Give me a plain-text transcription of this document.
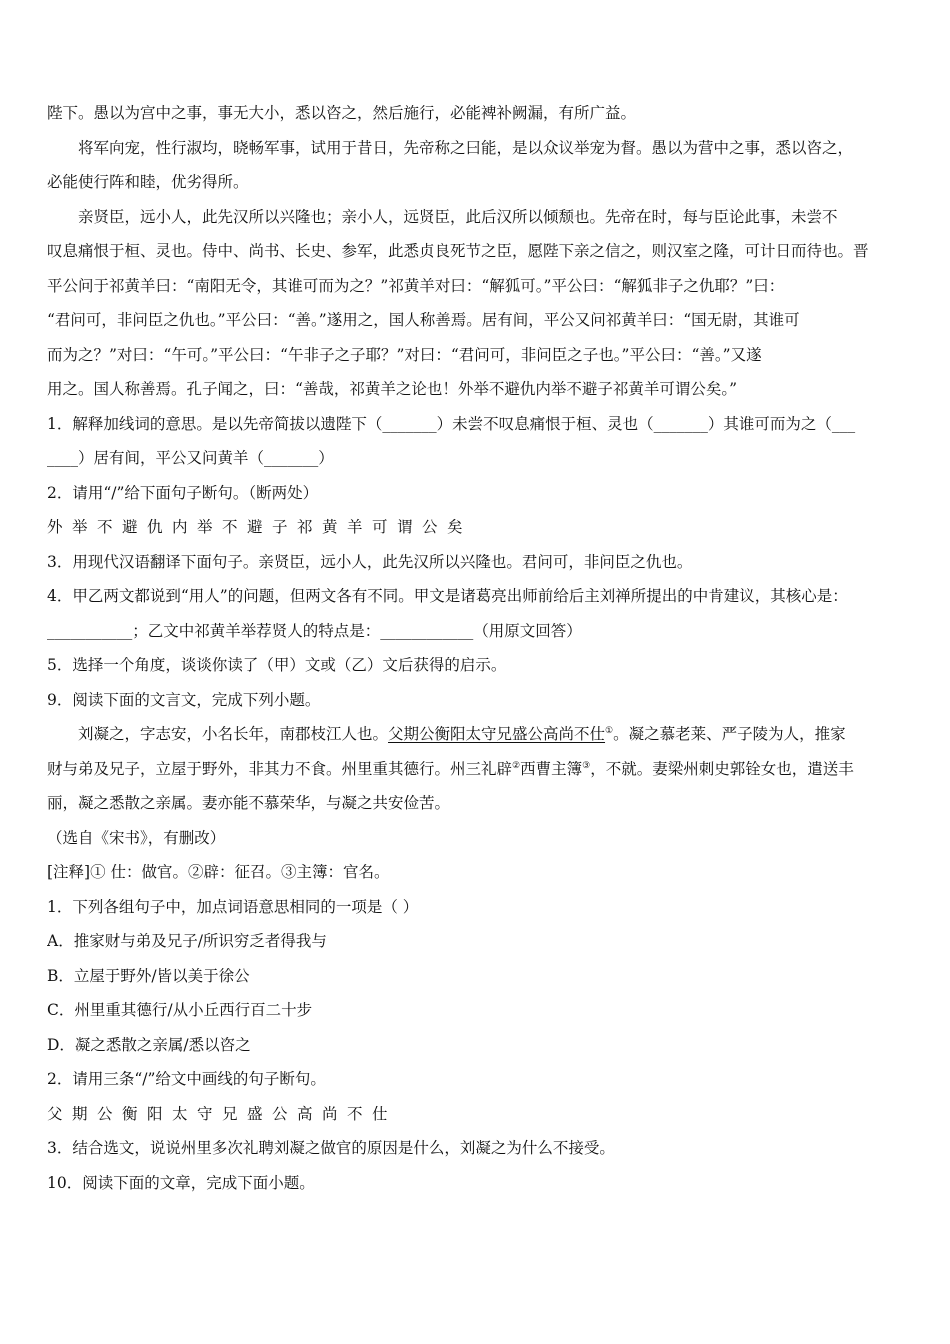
陛下。愚以为宫中之事，事无大小，悉以咨之，然后施行，必能裨补阙漏，有所广益。
将军向宠，性行淑均，晓畅军事，试用于昔日，先帝称之曰能，是以众议举宠为督。愚以为营中之事，悉以咨之，
必能使行阵和睦，优劣得所。
亲贤臣，远小人，此先汉所以兴隆也；亲小人，远贤臣，此后汉所以倾颓也。先帝在时，每与臣论此事，未尝不
叹息痛恨于桓、灵也。侍中、尚书、长史、参军，此悉贞良死节之臣，愿陛下亲之信之，则汉室之隆，可计日而待也。晋
平公问于祁黄羊曰：“南阳无令，其谁可而为之？”祁黄羊对曰：“解狐可。”平公曰：“解狐非子之仇耶？”曰：
“君问可，非问臣之仇也。”平公曰：“善。”遂用之，国人称善焉。居有间，平公又问祁黄羊曰：“国无尉，其谁可
而为之？”对曰：“午可。”平公曰：“午非子之子耶？”对曰：“君问可，非问臣之子也。”平公曰：“善。”又遂
用之。国人称善焉。孔子闻之，曰：“善哉，祁黄羊之论也！外举不避仇内举不避子祁黄羊可谓公矣。”
1．解释加线词的意思。是以先帝简拔以遗陛下（_______）未尝不叹息痛恨于桓、灵也（_______）其谁可而为之（___
____）居有间，平公又问黄羊（_______）
2．请用“/”给下面句子断句。（断两处）
外举不避仇内举不避子祁黄羊可谓公矣
3．用现代汉语翻译下面句子。亲贤臣，远小人，此先汉所以兴隆也。君问可，非问臣之仇也。
4．甲乙两文都说到“用人”的问题，但两文各有不同。甲文是诸葛亮出师前给后主刘禅所提出的中肯建议，其核心是：
___________；乙文中祁黄羊举荐贤人的特点是：____________（用原文回答）
5．选择一个角度，谈谈你读了（甲）文或（乙）文后获得的启示。
9．阅读下面的文言文，完成下列小题。
刘凝之，字志安，小名长年，南郡枝江人也。父期公衡阳太守兄盛公高尚不仕①。凝之慕老莱、严子陵为人，推家
财与弟及兄子，立屋于野外，非其力不食。州里重其德行。州三礼辟②西曹主簿③，不就。妻梁州刺史郭铨女也，遣送丰
丽，凝之悉散之亲属。妻亦能不慕荣华，与凝之共安俭苦。
（选自《宋书》，有删改）
[注释]① 仕：做官。②辟：征召。③主簿：官名。
1．下列各组句子中，加点词语意思相同的一项是（ ）
A．推家财与弟及兄子/所识穷乏者得我与
B．立屋于野外/皆以美于徐公
C．州里重其德行/从小丘西行百二十步
D．凝之悉散之亲属/悉以咨之
2．请用三条“/”给文中画线的句子断句。
父期公衡阳太守兄盛公高尚不仕
3．结合选文，说说州里多次礼聘刘凝之做官的原因是什么，刘凝之为什么不接受。
10．阅读下面的文章，完成下面小题。
